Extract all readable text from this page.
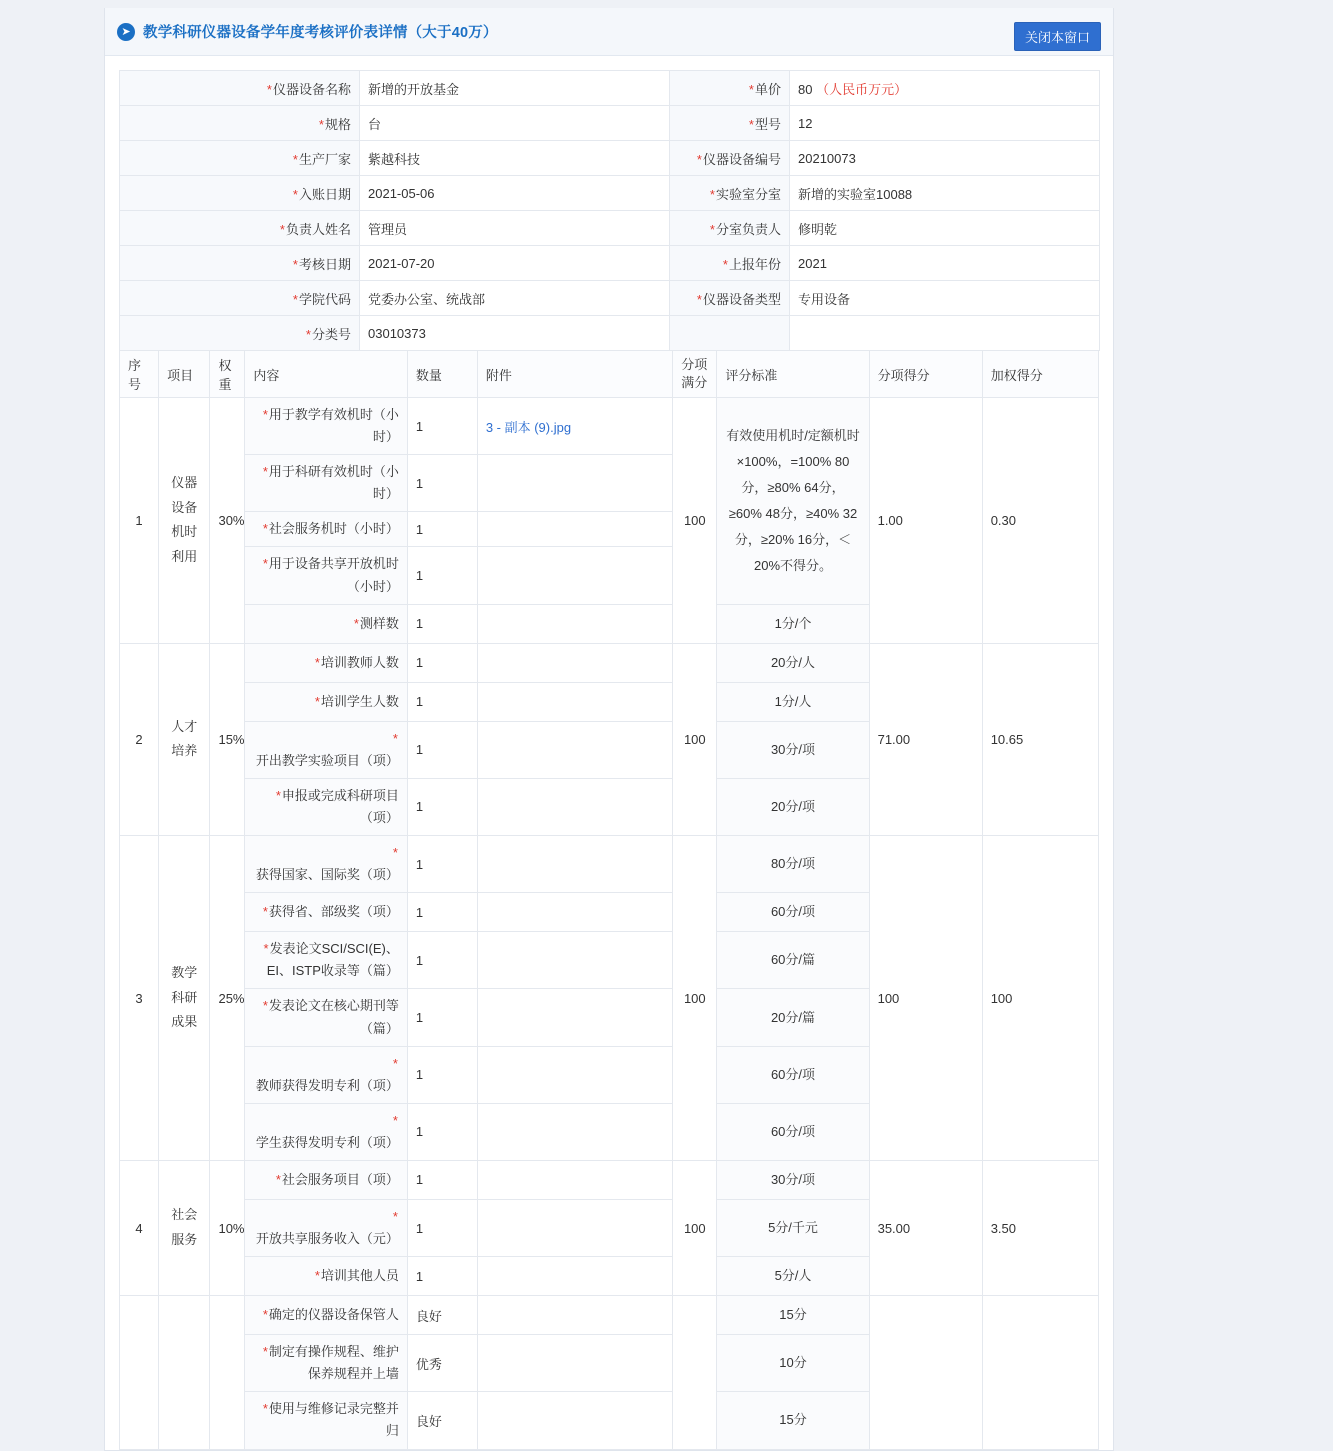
➤ 教学科研仪器设备学年度考核评价表详情（大于40万）	关闭本窗口
*仪器设备名称	新增的开放基金	*单价	80 （人民币万元）
*规格	台	*型号	12
*生产厂家	紫越科技	*仪器设备编号	20210073
*入账日期	2021-05-06	*实验室分室	新增的实验室10088
*负责人姓名	管理员	*分室负责人	修明乾
*考核日期	2021-07-20	*上报年份	2021
*学院代码	党委办公室、统战部	*仪器设备类型	专用设备
*分类号	03010373		
序号	项目	权重	内容	数量	附件	分项满分	评分标准	分项得分	加权得分
1	仪器设备机时利用	30%	*用于教学有效机时（小时）	1	3 - 副本 (9).jpg	100	有效使用机时/定额机时×100%，=100% 80分，≥80% 64分，≥60% 48分，≥40% 32分，≥20% 16分，＜20%不得分。	1.00	0.30
			*用于科研有效机时（小时）	1					
			*社会服务机时（小时）	1					
			*用于设备共享开放机时（小时）	1					
			*测样数	1			1分/个		
2	人才培养	15%	*培训教师人数	1		100	20分/人	71.00	10.65
			*培训学生人数	1			1分/人		
			*开出教学实验项目（项）	1			30分/项		
			*申报或完成科研项目（项）	1			20分/项		
3	教学科研成果	25%	*获得国家、国际奖（项）	1		100	80分/项	100	100
			*获得省、部级奖（项）	1			60分/项		
			*发表论文SCI/SCI(E)、EI、ISTP收录等（篇）	1			60分/篇		
			*发表论文在核心期刊等（篇）	1			20分/篇		
			*教师获得发明专利（项）	1			60分/项		
			*学生获得发明专利（项）	1			60分/项		
4	社会服务	10%	*社会服务项目（项）	1		100	30分/项	35.00	3.50
			*开放共享服务收入（元）	1			5分/千元		
			*培训其他人员	1			5分/人		
			*确定的仪器设备保管人	良好			15分		
			*制定有操作规程、维护保养规程并上墙	优秀			10分		
			*使用与维修记录完整并归	良好			15分		
